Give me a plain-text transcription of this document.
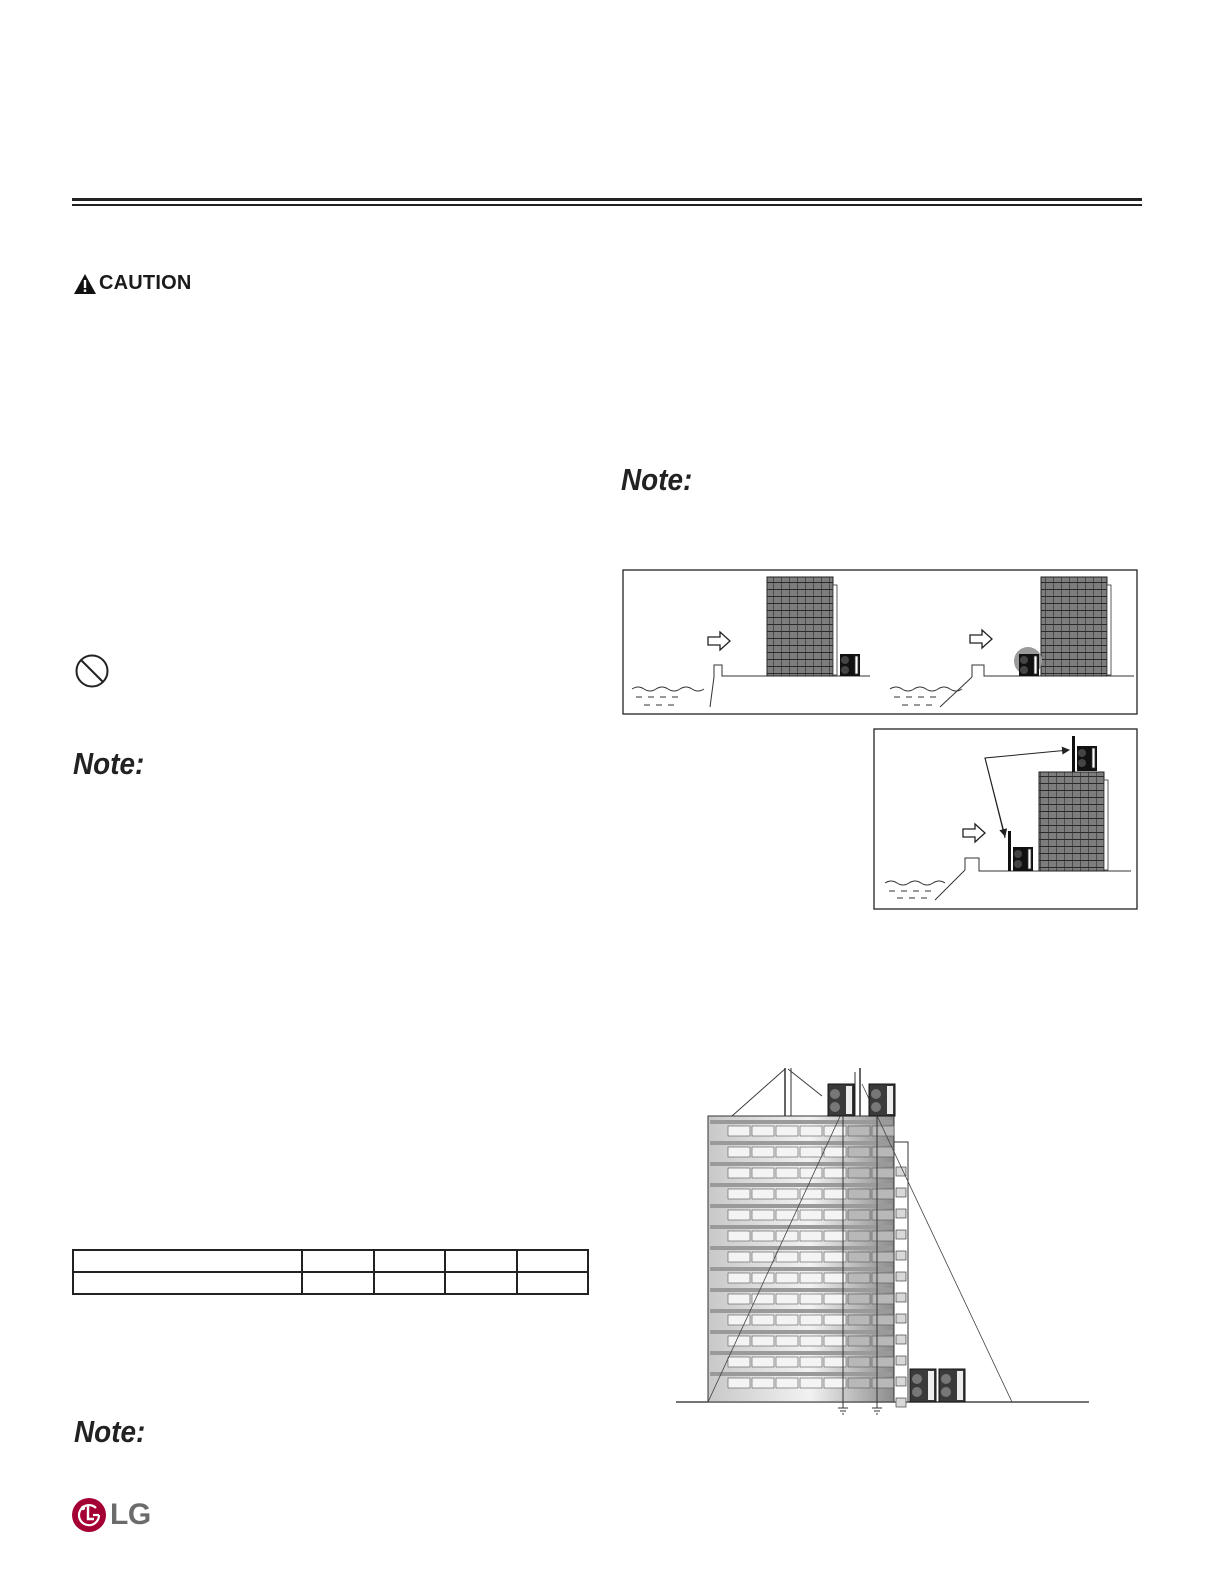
CAUTION
Note:
Note:
Note:

LG
